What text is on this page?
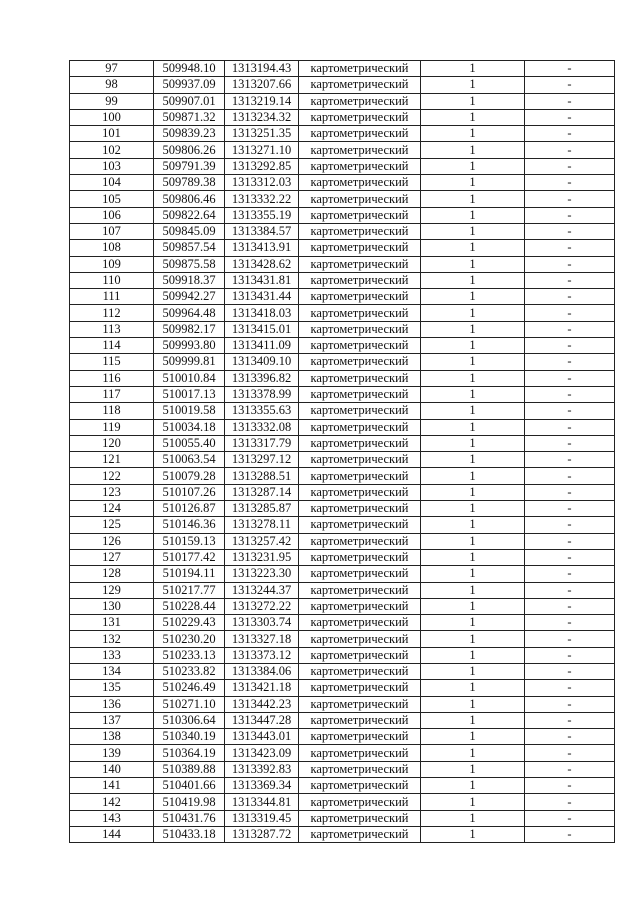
97	509948.10	1313194.43	картометрический	1	-
98	509937.09	1313207.66	картометрический	1	-
99	509907.01	1313219.14	картометрический	1	-
100	509871.32	1313234.32	картометрический	1	-
101	509839.23	1313251.35	картометрический	1	-
102	509806.26	1313271.10	картометрический	1	-
103	509791.39	1313292.85	картометрический	1	-
104	509789.38	1313312.03	картометрический	1	-
105	509806.46	1313332.22	картометрический	1	-
106	509822.64	1313355.19	картометрический	1	-
107	509845.09	1313384.57	картометрический	1	-
108	509857.54	1313413.91	картометрический	1	-
109	509875.58	1313428.62	картометрический	1	-
110	509918.37	1313431.81	картометрический	1	-
111	509942.27	1313431.44	картометрический	1	-
112	509964.48	1313418.03	картометрический	1	-
113	509982.17	1313415.01	картометрический	1	-
114	509993.80	1313411.09	картометрический	1	-
115	509999.81	1313409.10	картометрический	1	-
116	510010.84	1313396.82	картометрический	1	-
117	510017.13	1313378.99	картометрический	1	-
118	510019.58	1313355.63	картометрический	1	-
119	510034.18	1313332.08	картометрический	1	-
120	510055.40	1313317.79	картометрический	1	-
121	510063.54	1313297.12	картометрический	1	-
122	510079.28	1313288.51	картометрический	1	-
123	510107.26	1313287.14	картометрический	1	-
124	510126.87	1313285.87	картометрический	1	-
125	510146.36	1313278.11	картометрический	1	-
126	510159.13	1313257.42	картометрический	1	-
127	510177.42	1313231.95	картометрический	1	-
128	510194.11	1313223.30	картометрический	1	-
129	510217.77	1313244.37	картометрический	1	-
130	510228.44	1313272.22	картометрический	1	-
131	510229.43	1313303.74	картометрический	1	-
132	510230.20	1313327.18	картометрический	1	-
133	510233.13	1313373.12	картометрический	1	-
134	510233.82	1313384.06	картометрический	1	-
135	510246.49	1313421.18	картометрический	1	-
136	510271.10	1313442.23	картометрический	1	-
137	510306.64	1313447.28	картометрический	1	-
138	510340.19	1313443.01	картометрический	1	-
139	510364.19	1313423.09	картометрический	1	-
140	510389.88	1313392.83	картометрический	1	-
141	510401.66	1313369.34	картометрический	1	-
142	510419.98	1313344.81	картометрический	1	-
143	510431.76	1313319.45	картометрический	1	-
144	510433.18	1313287.72	картометрический	1	-
